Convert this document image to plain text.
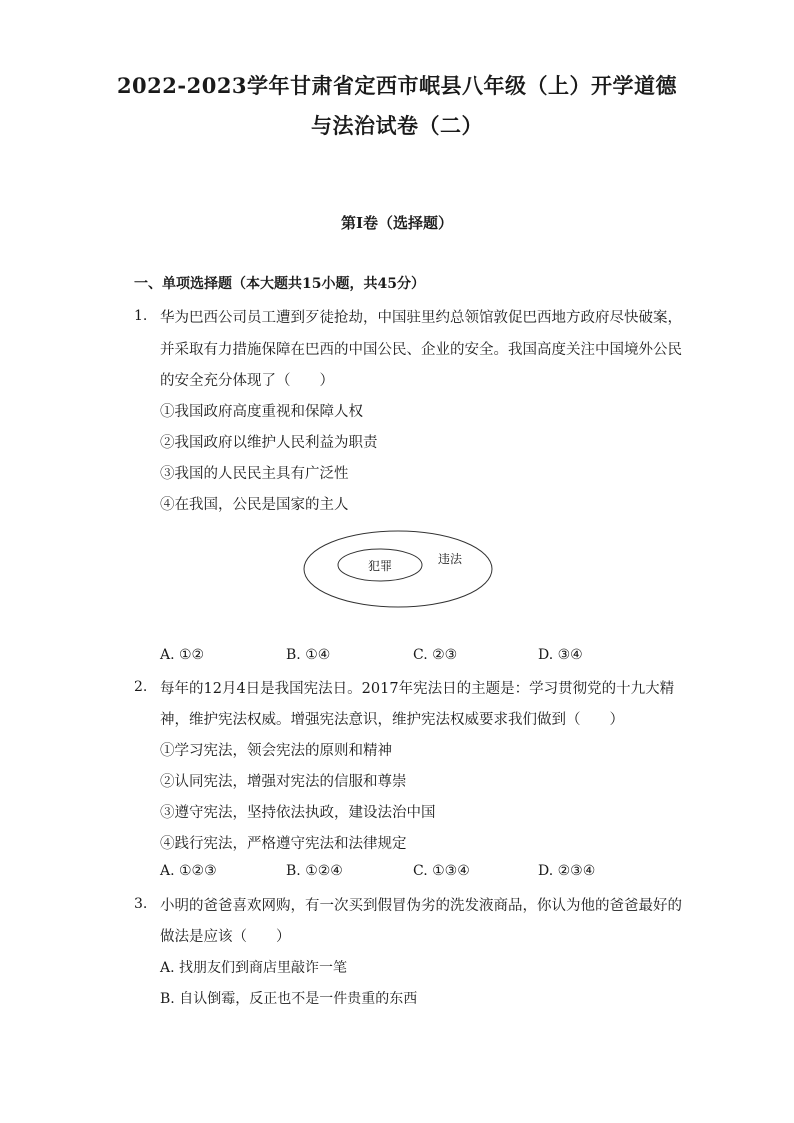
2022-2023学年甘肃省定西市岷县八年级（上）开学道德
与法治试卷（二）
第I卷（选择题）
一、单项选择题（本大题共15小题，共45分）
1. 华为巴西公司员工遭到歹徒抢劫，中国驻里约总领馆敦促巴西地方政府尽快破案，
并采取有力措施保障在巴西的中国公民、企业的安全。我国高度关注中国境外公民
的安全充分体现了（　　）
①我国政府高度重视和保障人权
②我国政府以维护人民利益为职责
③我国的人民民主具有广泛性
④在我国，公民是国家的主人
犯罪	违法
A. ①②	B. ①④	C. ②③	D. ③④
2. 每年的12月4日是我国宪法日。2017年宪法日的主题是：学习贯彻党的十九大精
神，维护宪法权威。增强宪法意识，维护宪法权威要求我们做到（　　）
①学习宪法，领会宪法的原则和精神
②认同宪法，增强对宪法的信服和尊崇
③遵守宪法，坚持依法执政，建设法治中国
④践行宪法，严格遵守宪法和法律规定
A. ①②③	B. ①②④	C. ①③④	D. ②③④
3. 小明的爸爸喜欢网购，有一次买到假冒伪劣的洗发液商品，你认为他的爸爸最好的
做法是应该（　　）
A. 找朋友们到商店里敲诈一笔
B. 自认倒霉，反正也不是一件贵重的东西
